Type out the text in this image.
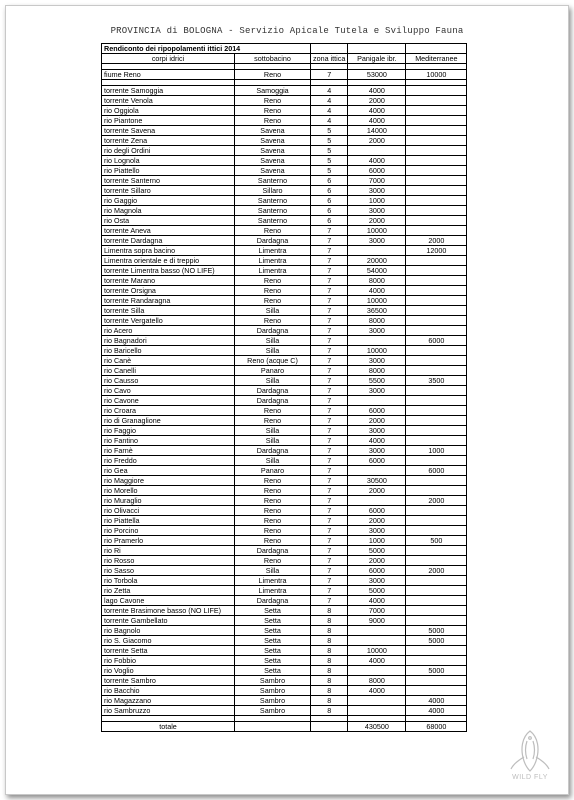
PROVINCIA di BOLOGNA - Servizio Apicale Tutela e Sviluppo Fauna
Rendiconto dei ripopolamenti ittici 2014				
corpi idrici	sottobacino	zona ittica	Panigale ibr.	Mediterranee

fiume Reno	Reno	7	53000	10000

torrente Samoggia	Samoggia	4	4000	
torrente Venola	Reno	4	2000	
rio Oggiola	Reno	4	4000	
rio Piantone	Reno	4	4000	
torrente Savena	Savena	5	14000	
torrente Zena	Savena	5	2000	
rio degli Ordini	Savena	5		
rio Lognola	Savena	5	4000	
rio Piattello	Savena	5	6000	
torrente Santerno	Santerno	6	7000	
torrente Sillaro	Sillaro	6	3000	
rio Gaggio	Santerno	6	1000	
rio Magnola	Santerno	6	3000	
rio Osta	Santerno	6	2000	
torrente Aneva	Reno	7	10000	
torrente Dardagna	Dardagna	7	3000	2000
Limentra sopra bacino	Limentra	7		12000
Limentra orientale e di treppio	Limentra	7	20000	
torrente Limentra basso (NO LIFE)	Limentra	7	54000	
torrente Marano	Reno	7	8000	
torrente Orsigna	Reno	7	4000	
torrente Randaragna	Reno	7	10000	
torrente Silla	Silla	7	36500	
torrente Vergatello	Reno	7	8000	
rio Acero	Dardagna	7	3000	
rio Bagnadori	Silla	7		6000
rio Baricello	Silla	7	10000	
rio Canè	Reno (acque C)	7	3000	
rio Canelli	Panaro	7	8000	
rio Causso	Silla	7	5500	3500
rio Cavo	Dardagna	7	3000	
rio Cavone	Dardagna	7		
rio Croara	Reno	7	6000	
rio di Granaglione	Reno	7	2000	
rio Faggio	Silla	7	3000	
rio Fantino	Silla	7	4000	
rio Farnè	Dardagna	7	3000	1000
rio Freddo	Silla	7	6000	
rio Gea	Panaro	7		6000
rio Maggiore	Reno	7	30500	
rio Morello	Reno	7	2000	
rio Muraglio	Reno	7		2000
rio Olivacci	Reno	7	6000	
rio Piattella	Reno	7	2000	
rio Porcino	Reno	7	3000	
rio Pramerlo	Reno	7	1000	500
rio Ri	Dardagna	7	5000	
rio Rosso	Reno	7	2000	
rio Sasso	Silla	7	6000	2000
rio Torbola	Limentra	7	3000	
rio Zetta	Limentra	7	5000	
lago Cavone	Dardagna	7	4000	
torrente Brasimone basso (NO LIFE)	Setta	8	7000	
torrente Gambellato	Setta	8	9000	
rio Bagnolo	Setta	8		5000
rio S. Giacomo	Setta	8		5000
torrente Setta	Setta	8	10000	
rio Fobbio	Setta	8	4000	
rio Voglio	Setta	8		5000
torrente Sambro	Sambro	8	8000	
rio Bacchio	Sambro	8	4000	
rio Magazzano	Sambro	8		4000
rio Sambruzzo	Sambro	8		4000

totale			430500	68000
WILD FLY
